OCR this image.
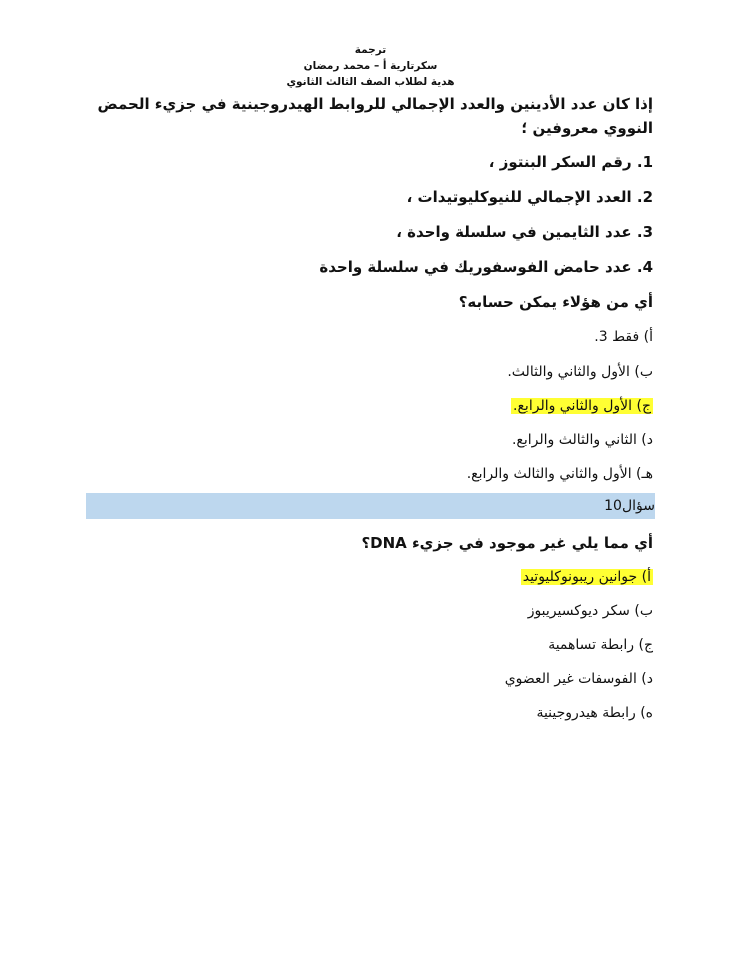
ترجمة
سكرتارية أ – محمد رمضان
هدية لطلاب الصف الثالث الثانوي
إذا كان عدد الأدينين والعدد الإجمالي للروابط الهيدروجينية في جزيء الحمض
النووي معروفين ؛
1. رقم السكر البنتوز ،
2. العدد الإجمالي للنيوكليوتيدات ،
3. عدد الثايمين في سلسلة واحدة ،
4. عدد حامض الفوسفوريك في سلسلة واحدة
أي من هؤلاء يمكن حسابه؟
أ) فقط 3.
ب) الأول والثاني والثالث.
ج) الأول والثاني والرابع.
د) الثاني والثالث والرابع.
هـ) الأول والثاني والثالث والرابع.
سؤال10
أي مما يلي غير موجود في جزيء DNA؟
أ) جوانين ريبونوكليوتيد
ب) سكر ديوكسيريبوز
ج) رابطة تساهمية
د) الفوسفات غير العضوي
ه) رابطة هيدروجينية
